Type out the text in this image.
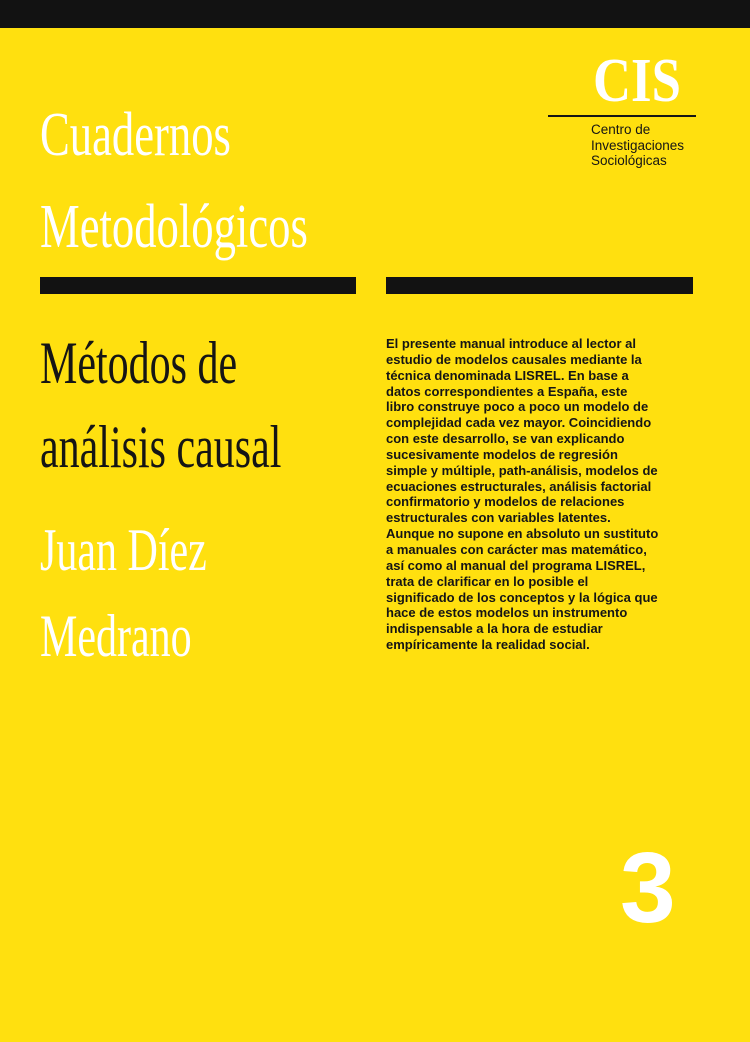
Cuadernos
Metodológicos
CIS
Centro de
Investigaciones
Sociológicas
Métodos de
análisis causal
Juan Díez
Medrano
El presente manual introduce al lector al
estudio de modelos causales mediante la
técnica denominada LISREL. En base a
datos correspondientes a España, este
libro construye poco a poco un modelo de
complejidad cada vez mayor. Coincidiendo
con este desarrollo, se van explicando
sucesivamente modelos de regresión
simple y múltiple, path-análisis, modelos de
ecuaciones estructurales, análisis factorial
confirmatorio y modelos de relaciones
estructurales con variables latentes.
Aunque no supone en absoluto un sustituto
a manuales con carácter mas matemático,
así como al manual del programa LISREL,
trata de clarificar en lo posible el
significado de los conceptos y la lógica que
hace de estos modelos un instrumento
indispensable a la hora de estudiar
empíricamente la realidad social.
3
